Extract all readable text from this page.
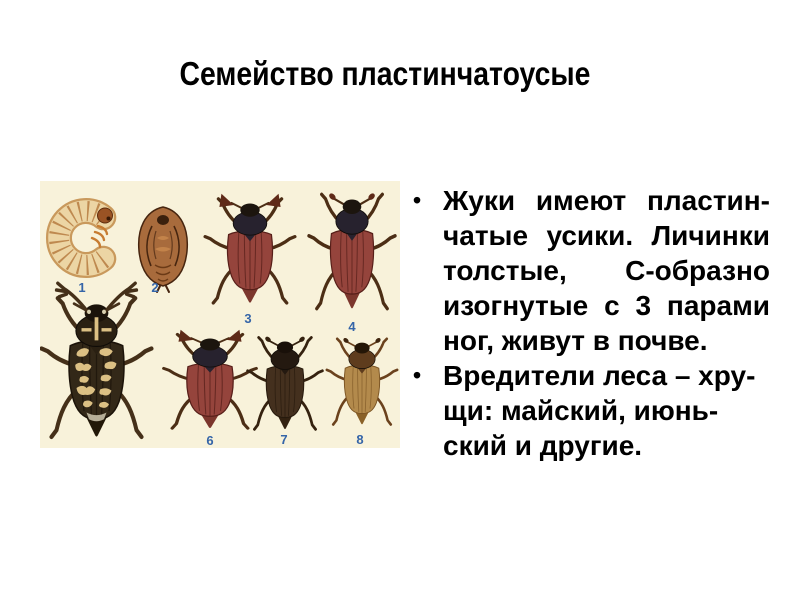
Семейство пластинчатоусые
1	2
3
4
6	7	8
• Жуки имеют пластин-
чатые усики. Личинки
толстые, С-образно
изогнутые с 3 парами
ног, живут в почве.
• Вредители леса – хру-
щи: майский, июнь-
ский и другие.
